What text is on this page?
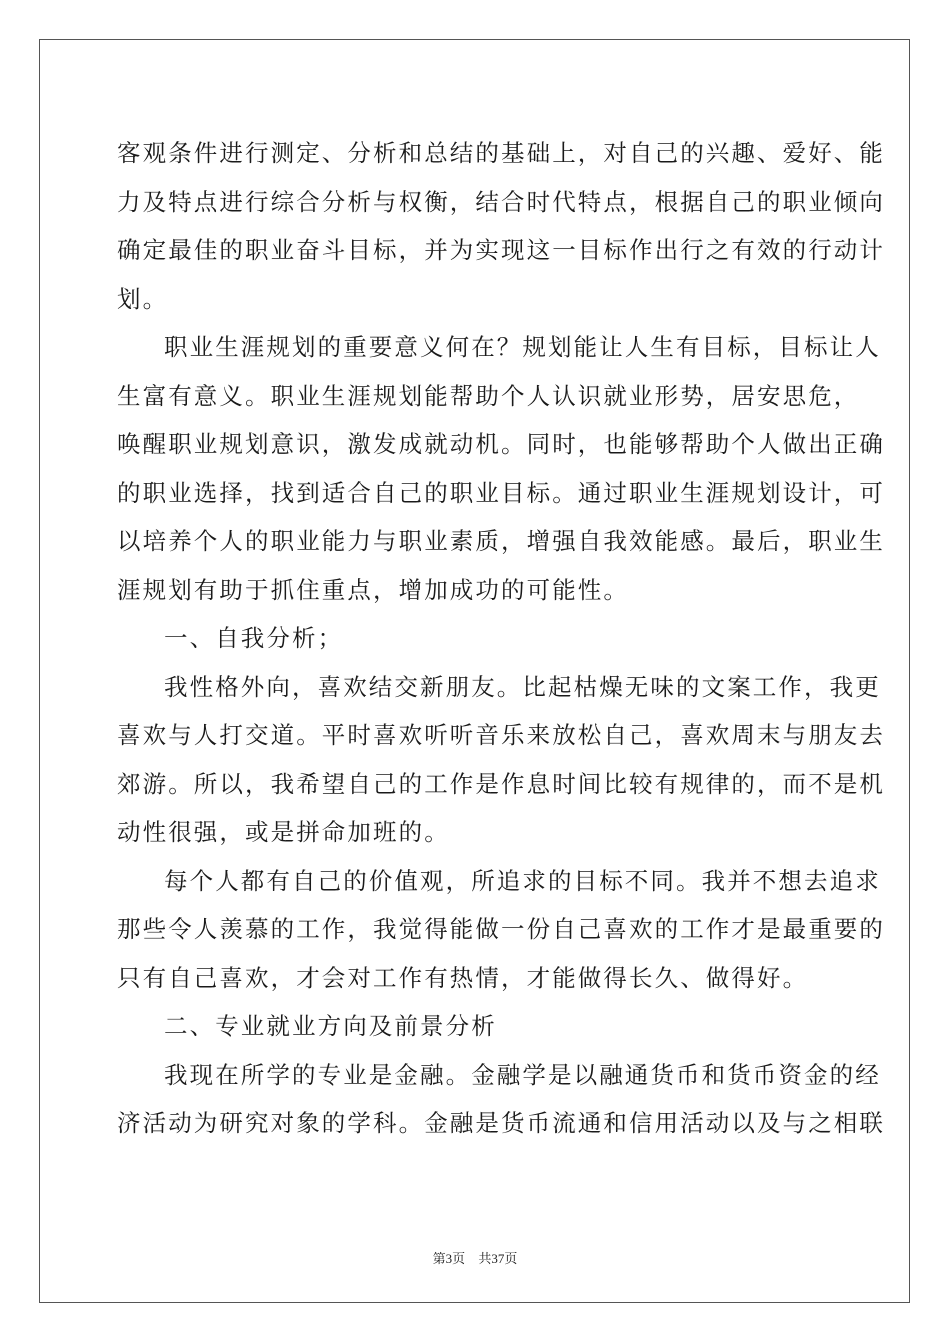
客观条件进行测定、分析和总结的基础上，对自己的兴趣、爱好、能
力及特点进行综合分析与权衡，结合时代特点，根据自己的职业倾向
确定最佳的职业奋斗目标，并为实现这一目标作出行之有效的行动计
划。
职业生涯规划的重要意义何在？规划能让人生有目标，目标让人
生富有意义。职业生涯规划能帮助个人认识就业形势，居安思危，
唤醒职业规划意识，激发成就动机。同时，也能够帮助个人做出正确
的职业选择，找到适合自己的职业目标。通过职业生涯规划设计，可
以培养个人的职业能力与职业素质，增强自我效能感。最后，职业生
涯规划有助于抓住重点，增加成功的可能性。
一、自我分析；
我性格外向，喜欢结交新朋友。比起枯燥无味的文案工作，我更
喜欢与人打交道。平时喜欢听听音乐来放松自己，喜欢周末与朋友去
郊游。所以，我希望自己的工作是作息时间比较有规律的，而不是机
动性很强，或是拼命加班的。
每个人都有自己的价值观，所追求的目标不同。我并不想去追求
那些令人羡慕的工作，我觉得能做一份自己喜欢的工作才是最重要的
只有自己喜欢，才会对工作有热情，才能做得长久、做得好。
二、专业就业方向及前景分析
我现在所学的专业是金融。金融学是以融通货币和货币资金的经
济活动为研究对象的学科。金融是货币流通和信用活动以及与之相联
第3页 共37页
